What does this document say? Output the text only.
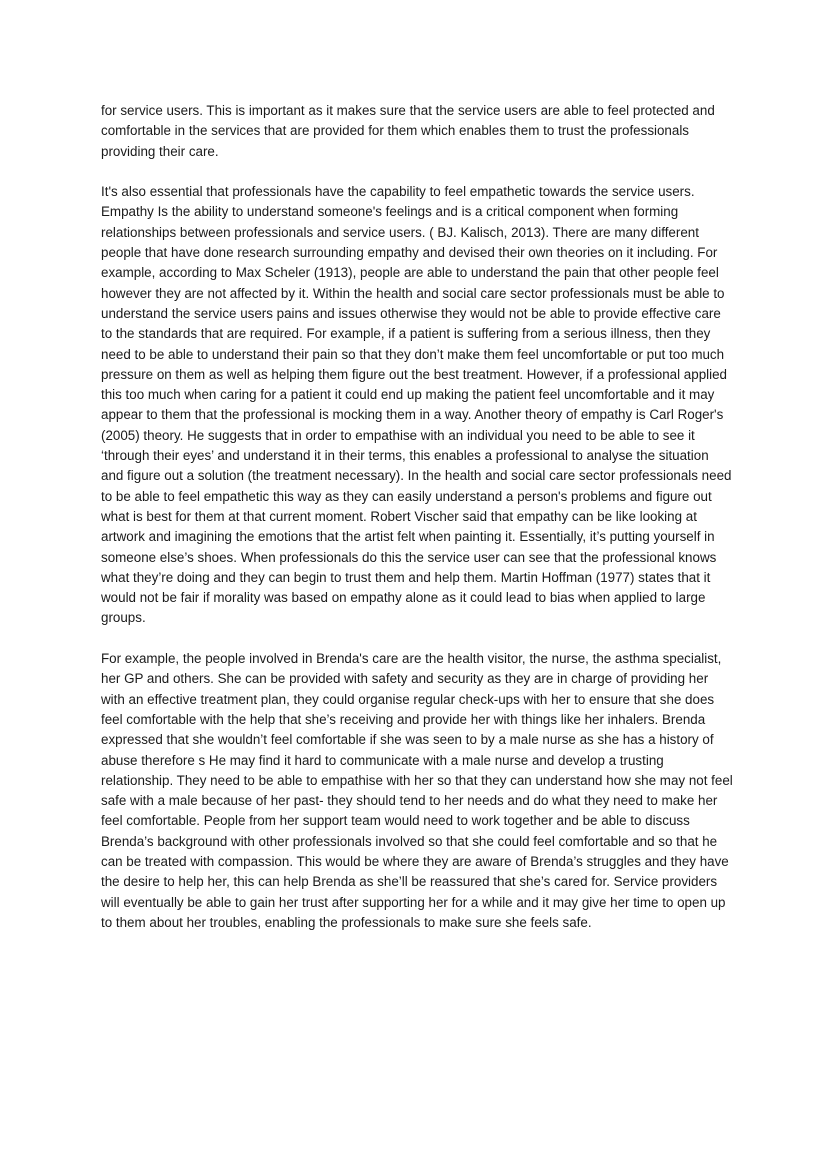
for service users. This is important as it makes sure that the service users are able to feel protected and comfortable in the services that are provided for them which enables them to trust the professionals providing their care.

It's also essential that professionals have the capability to feel empathetic towards the service users. Empathy Is the ability to understand someone's feelings and is a critical component when forming relationships between professionals and service users. ( BJ. Kalisch, 2013). There are many different people that have done research surrounding empathy and devised their own theories on it including. For example, according to Max Scheler (1913), people are able to understand the pain that other people feel however they are not affected by it. Within the health and social care sector professionals must be able to understand the service users pains and issues otherwise they would not be able to provide effective care to the standards that are required. For example, if a patient is suffering from a serious illness, then they need to be able to understand their pain so that they don’t make them feel uncomfortable or put too much pressure on them as well as helping them figure out the best treatment. However, if a professional applied this too much when caring for a patient it could end up making the patient feel uncomfortable and it may appear to them that the professional is mocking them in a way. Another theory of empathy is Carl Roger's (2005) theory. He suggests that in order to empathise with an individual you need to be able to see it ‘through their eyes’ and understand it in their terms, this enables a professional to analyse the situation and figure out a solution (the treatment necessary). In the health and social care sector professionals need to be able to feel empathetic this way as they can easily understand a person's problems and figure out what is best for them at that current moment. Robert Vischer said that empathy can be like looking at artwork and imagining the emotions that the artist felt when painting it. Essentially, it’s putting yourself in someone else’s shoes. When professionals do this the service user can see that the professional knows what they’re doing and they can begin to trust them and help them. Martin Hoffman (1977) states that it would not be fair if morality was based on empathy alone as it could lead to bias when applied to large groups.

For example, the people involved in Brenda's care are the health visitor, the nurse, the asthma specialist, her GP and others. She can be provided with safety and security as they are in charge of providing her with an effective treatment plan, they could organise regular check-ups with her to ensure that she does feel comfortable with the help that she’s receiving and provide her with things like her inhalers. Brenda expressed that she wouldn’t feel comfortable if she was seen to by a male nurse as she has a history of abuse therefore s He may find it hard to communicate with a male nurse and develop a trusting relationship. They need to be able to empathise with her so that they can understand how she may not feel safe with a male because of her past- they should tend to her needs and do what they need to make her feel comfortable. People from her support team would need to work together and be able to discuss Brenda’s background with other professionals involved so that she could feel comfortable and so that he can be treated with compassion. This would be where they are aware of Brenda’s struggles and they have the desire to help her, this can help Brenda as she’ll be reassured that she’s cared for. Service providers will eventually be able to gain her trust after supporting her for a while and it may give her time to open up to them about her troubles, enabling the professionals to make sure she feels safe.
